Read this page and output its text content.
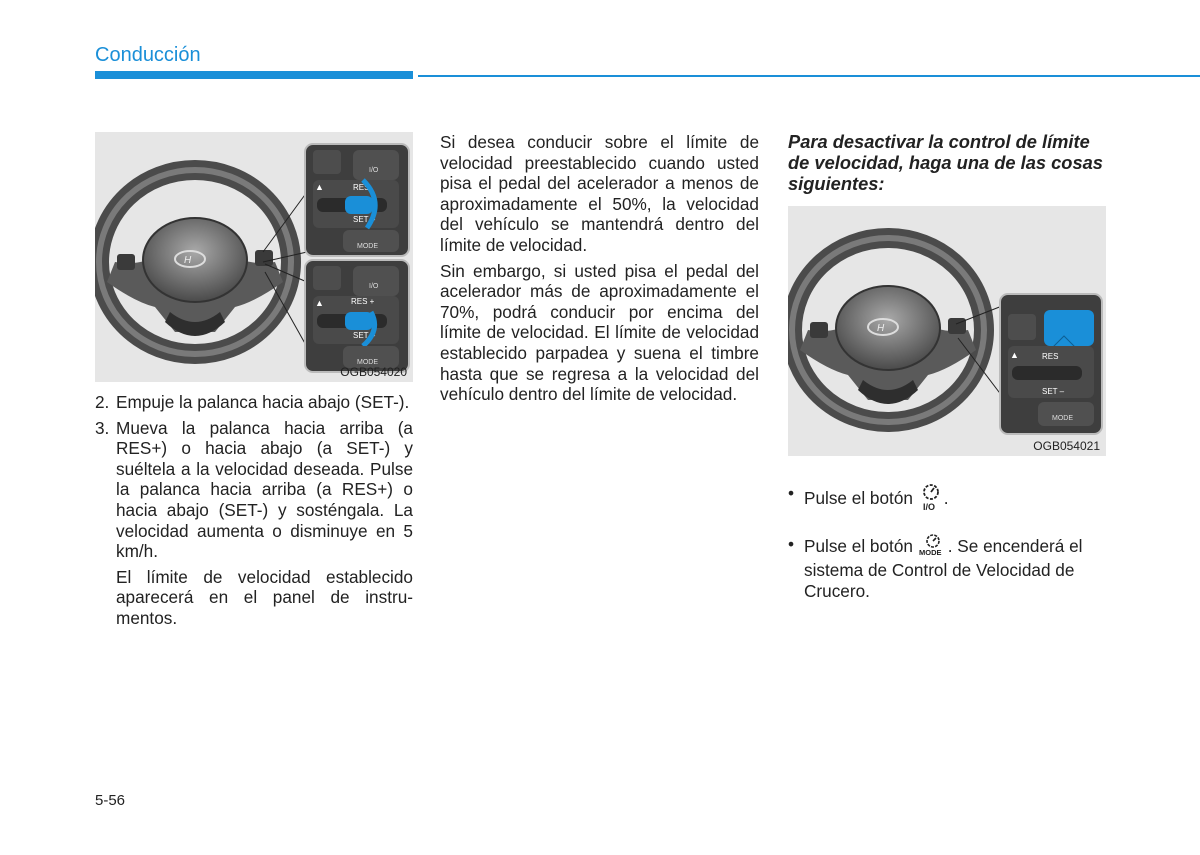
Conducción
H
I/O
▲	RES
SET –
MODE
I/O
▲	RES +
SET –
MODE
OGB054020
2. Empuje la palanca hacia abajo (SET-).
3. Mueva la palanca hacia arriba (a RES+) o hacia abajo (a SET-) y suéltela a la velocidad deseada. Pulse la palanca hacia arriba (a RES+) o hacia abajo (SET-) y sosténgala. La velocidad aumenta o disminuye en 5 km/h.

El límite de velocidad establecido aparecerá en el panel de instrumentos.

Si desea conducir sobre el límite de velocidad preestablecido cuando usted pisa el pedal del acelerador a menos de aproximadamente el 50%, la velocidad del vehículo se mantendrá dentro del límite de velocidad.

Sin embargo, si usted pisa el pedal del acelerador más de aproximadamente el 70%, podrá conducir por encima del límite de velocidad. El límite de velocidad establecido parpadea y suena el timbre hasta que se regresa a la velocidad del vehículo dentro del límite de velocidad.

Para desactivar la control de límite de velocidad, haga una de las cosas siguientes:
H
▲	RES
SET –
MODE
OGB054021
• Pulse el botón I/O .
• Pulse el botón MODE . Se encenderá el sistema de Control de Velocidad de Crucero.
5-56
